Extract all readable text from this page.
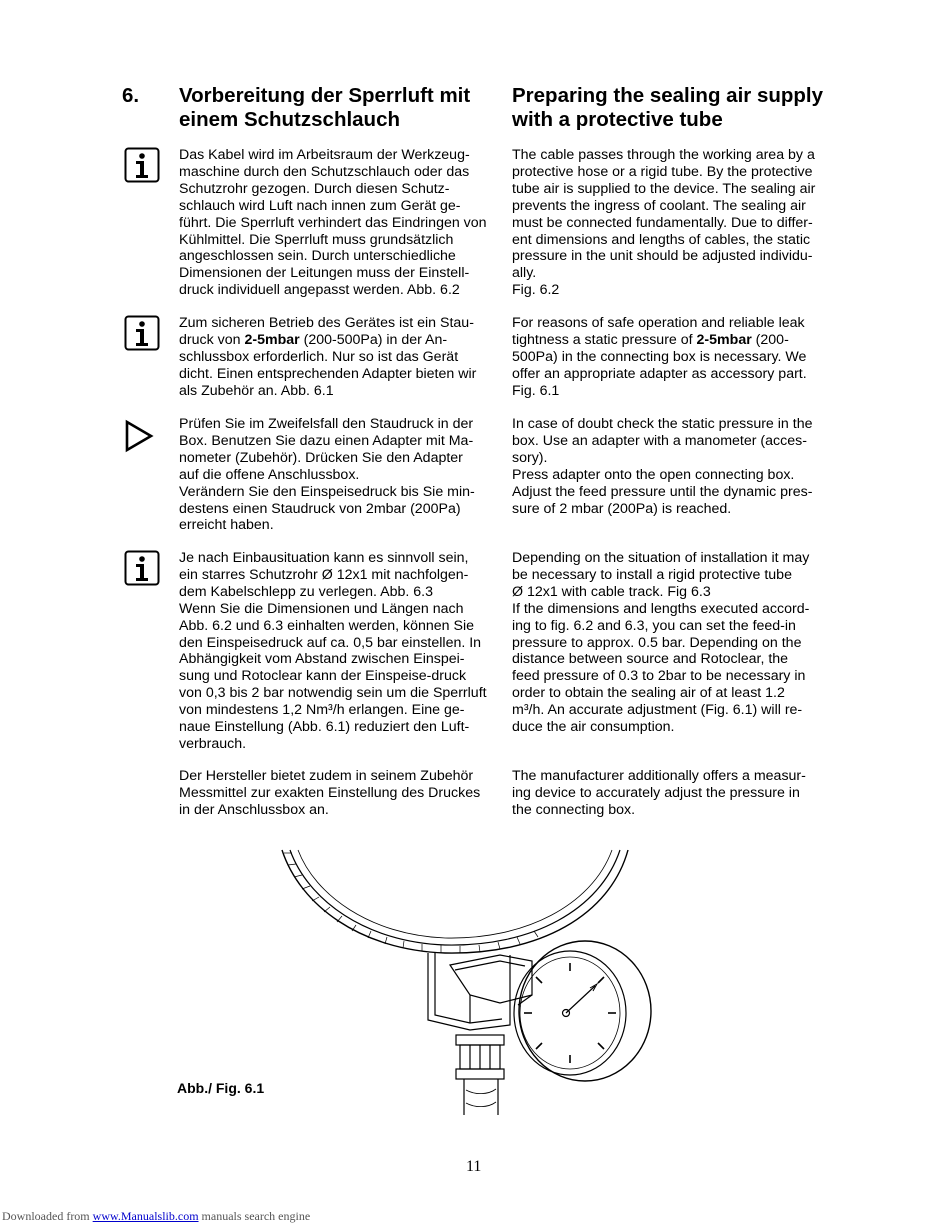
6. Vorbereitung der Sperrluft mit
einem Schutzschlauch
Preparing the sealing air supply
with a protective tube
Das Kabel wird im Arbeitsraum der Werkzeug-
maschine durch den Schutzschlauch oder das
Schutzrohr gezogen. Durch diesen Schutz-
schlauch wird Luft nach innen zum Gerät ge-
führt. Die Sperrluft verhindert das Eindringen von
Kühlmittel. Die Sperrluft muss grundsätzlich
angeschlossen sein. Durch unterschiedliche
Dimensionen der Leitungen muss der Einstell-
druck individuell angepasst werden. Abb. 6.2
The cable passes through the working area by a
protective hose or a rigid tube. By the protective
tube air is supplied to the device. The sealing air
prevents the ingress of coolant. The sealing air
must be connected fundamentally. Due to differ-
ent dimensions and lengths of cables, the static
pressure in the unit should be adjusted individu-
ally.
Fig. 6.2
Zum sicheren Betrieb des Gerätes ist ein Stau-
druck von 2-5mbar (200-500Pa) in der An-
schlussbox erforderlich. Nur so ist das Gerät
dicht. Einen entsprechenden Adapter bieten wir
als Zubehör an. Abb. 6.1
For reasons of safe operation and reliable leak
tightness a static pressure of 2-5mbar (200-
500Pa) in the connecting box is necessary. We
offer an appropriate adapter as accessory part.
Fig. 6.1
Prüfen Sie im Zweifelsfall den Staudruck in der
Box. Benutzen Sie dazu einen Adapter mit Ma-
nometer (Zubehör). Drücken Sie den Adapter
auf die offene Anschlussbox.
Verändern Sie den Einspeisedruck bis Sie min-
destens einen Staudruck von 2mbar (200Pa)
erreicht haben.
In case of doubt check the static pressure in the
box. Use an adapter with a manometer (acces-
sory).
Press adapter onto the open connecting box.
Adjust the feed pressure until the dynamic pres-
sure of 2 mbar (200Pa) is reached.
Je nach Einbausituation kann es sinnvoll sein,
ein starres Schutzrohr Ø 12x1 mit nachfolgen-
dem Kabelschlepp zu verlegen. Abb. 6.3
Wenn Sie die Dimensionen und Längen nach
Abb. 6.2 und 6.3 einhalten werden, können Sie
den Einspeisedruck auf ca. 0,5 bar einstellen. In
Abhängigkeit vom Abstand zwischen Einspei-
sung und Rotoclear kann der Einspeise-druck
von 0,3 bis 2 bar notwendig sein um die Sperrluft
von mindestens 1,2 Nm³/h erlangen. Eine ge-
naue Einstellung (Abb. 6.1) reduziert den Luft-
verbrauch.
Depending on the situation of installation it may
be necessary to install a rigid protective tube
Ø 12x1 with cable track. Fig 6.3
If the dimensions and lengths executed accord-
ing to fig. 6.2 and 6.3, you can set the feed-in
pressure to approx. 0.5 bar. Depending on the
distance between source and Rotoclear, the
feed pressure of 0.3 to 2bar to be necessary in
order to obtain the sealing air of at least 1.2
m³/h. An accurate adjustment (Fig. 6.1) will re-
duce the air consumption.
Der Hersteller bietet zudem in seinem Zubehör
Messmittel zur exakten Einstellung des Druckes
in der Anschlussbox an.
The manufacturer additionally offers a measur-
ing device to accurately adjust the pressure in
the connecting box.
Abb./ Fig. 6.1
11
Downloaded from www.Manualslib.com manuals search engine
